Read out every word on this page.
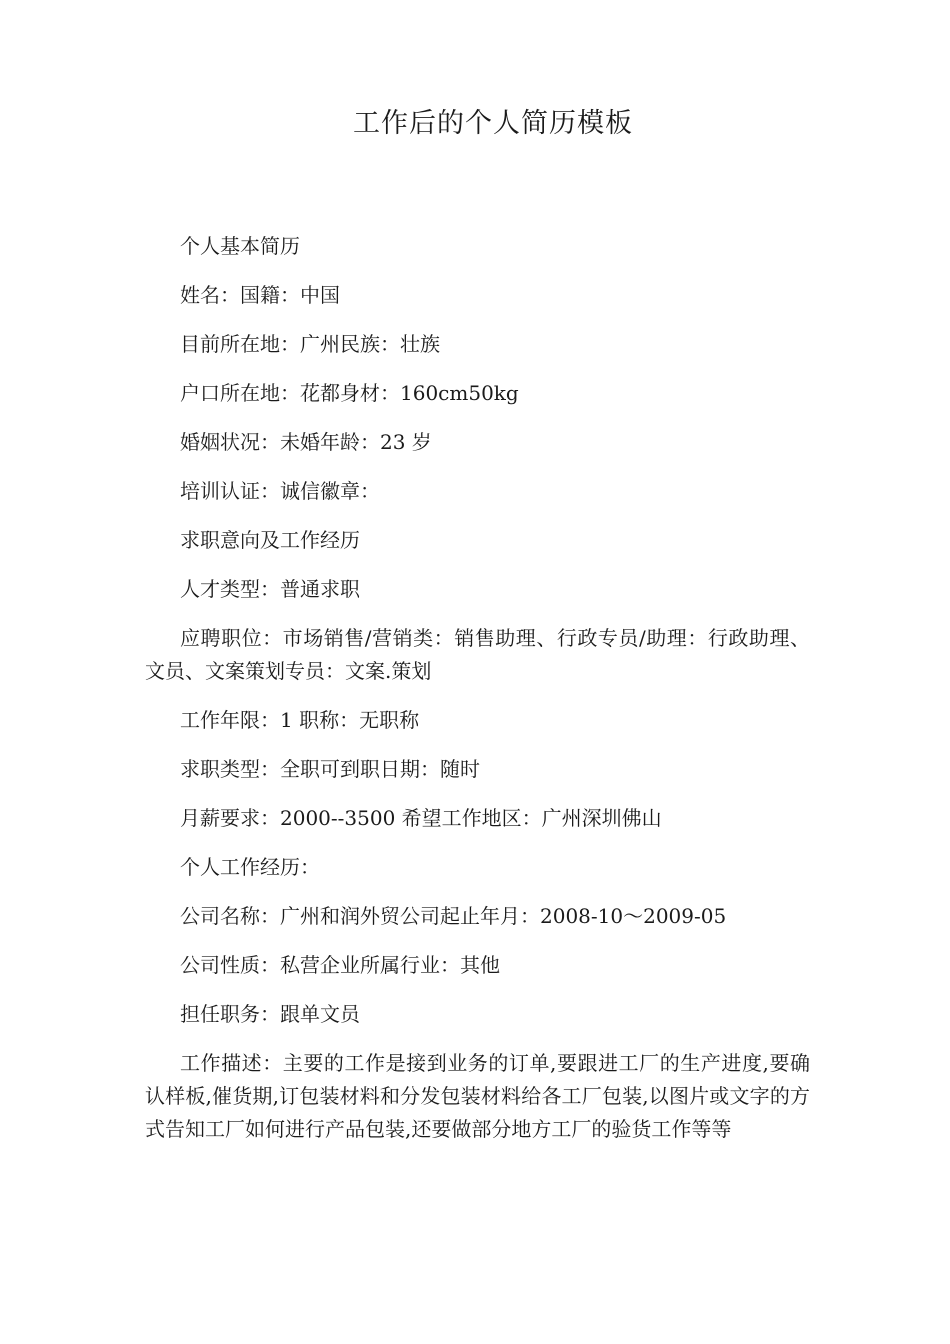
工作后的个人简历模板

个人基本简历

姓名：国籍：中国

目前所在地：广州民族：壮族

户口所在地：花都身材：160cm50kg

婚姻状况：未婚年龄：23 岁

培训认证：诚信徽章：

求职意向及工作经历

人才类型：普通求职

应聘职位：市场销售/营销类：销售助理、行政专员/助理：行政助理、文员、文案策划专员：文案.策划

工作年限：1 职称：无职称

求职类型：全职可到职日期：随时

月薪要求：2000--3500 希望工作地区：广州深圳佛山

个人工作经历：

公司名称：广州和润外贸公司起止年月：2008-10～2009-05

公司性质：私营企业所属行业：其他

担任职务：跟单文员

工作描述：主要的工作是接到业务的订单,要跟进工厂的生产进度,要确认样板,催货期,订包装材料和分发包装材料给各工厂包装,以图片或文字的方式告知工厂如何进行产品包装,还要做部分地方工厂的验货工作等等
